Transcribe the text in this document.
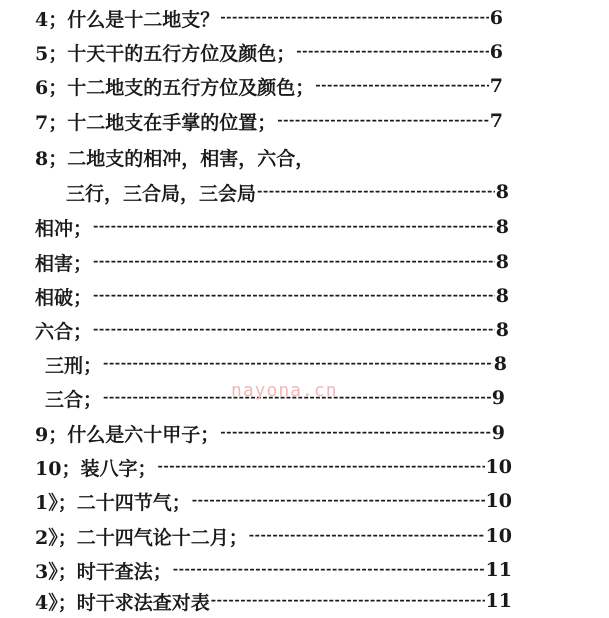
4；什么是十二地支？ -----	6
5；十天干的五行方位及颜色； -----	6
6；十二地支的五行方位及颜色； -----	7
7；十二地支在手掌的位置； -----	7
8；二地支的相冲，相害，六合，
三行，三合局，三会局 -----	8
相冲； -----	8
相害； -----	8
相破； -----	8
六合； -----	8
三刑； -----	8
三合； -----	9
9；什么是六十甲子； -----	9
10；装八字； -----	10
1》；二十四节气； -----	10
2》；二十四气论十二月； -----	10
3》；时干查法； -----	11
4》；时干求法查对表 -----	11
nayona.cn
